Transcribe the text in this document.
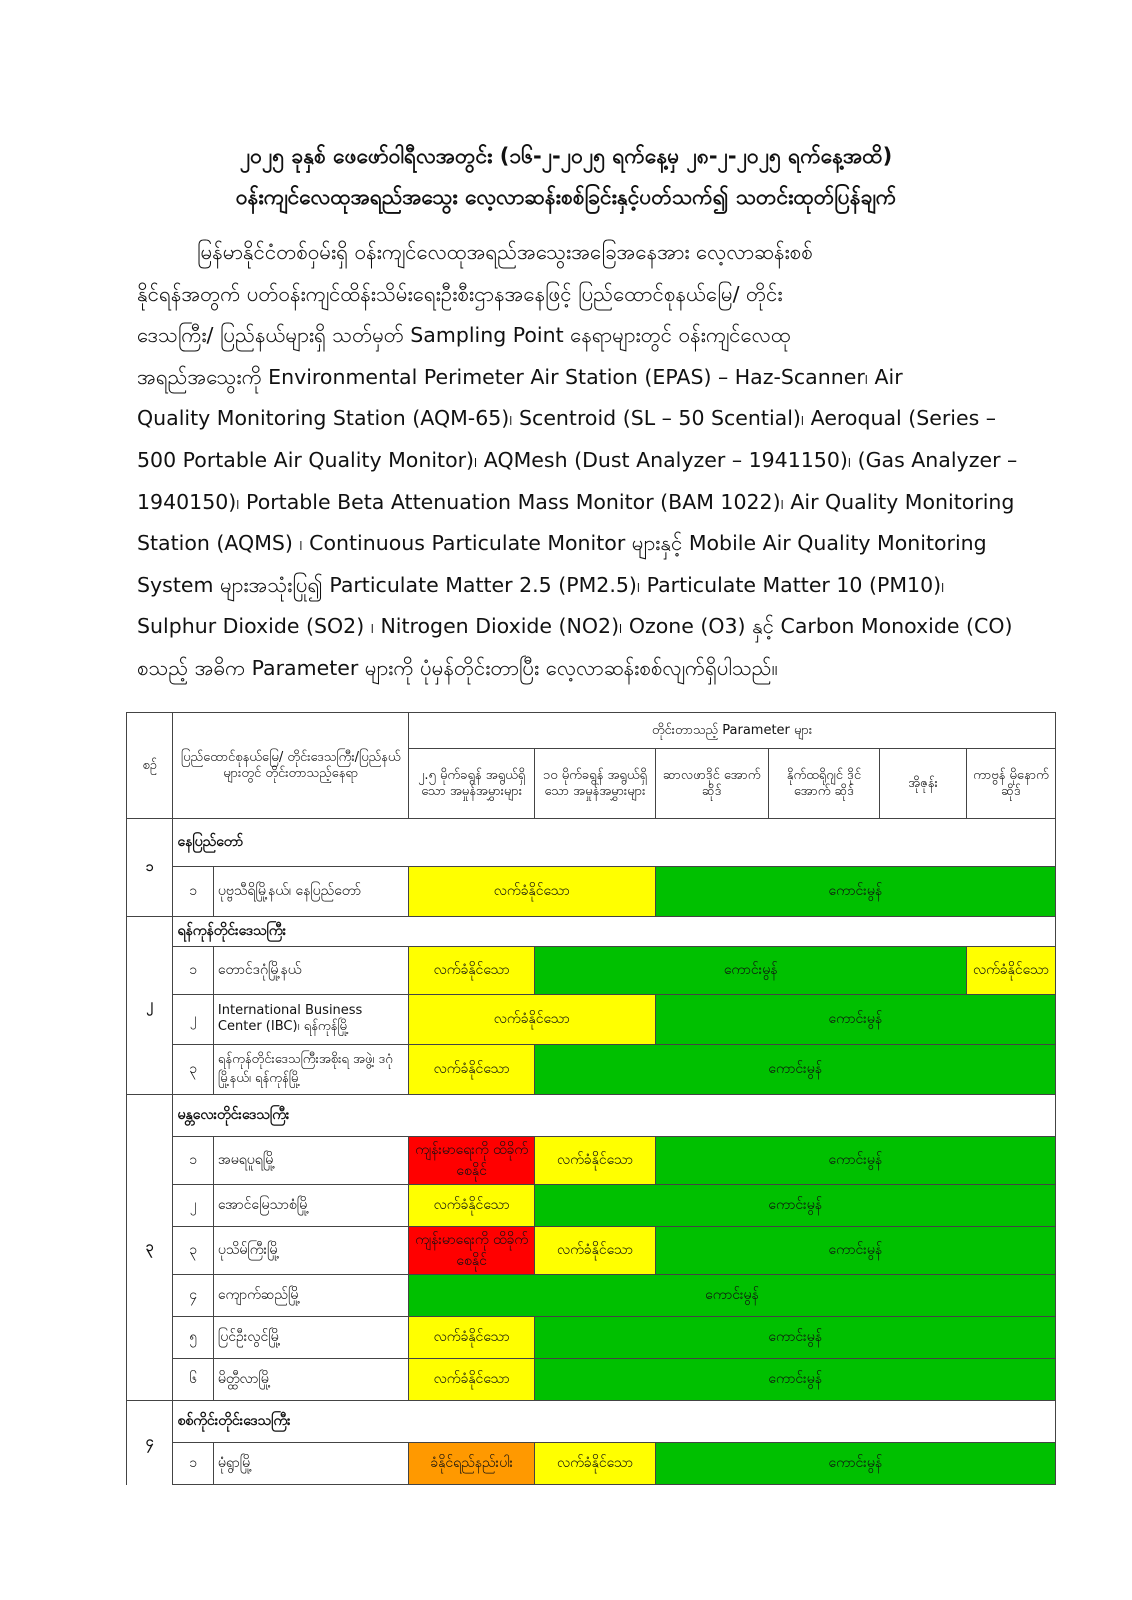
၂၀၂၅ ခုနှစ် ဖေဖော်ဝါရီလအတွင်း (၁၆-၂-၂၀၂၅ ရက်နေ့မှ ၂၈-၂-၂၀၂၅ ရက်နေ့အထိ)
ဝန်းကျင်လေထုအရည်အသွေး လေ့လာဆန်းစစ်ခြင်းနှင့်ပတ်သက်၍ သတင်းထုတ်ပြန်ချက်
မြန်မာနိုင်ငံတစ်ဝှမ်းရှိ ဝန်းကျင်လေထုအရည်အသွေးအခြေအနေအား လေ့လာဆန်းစစ်
နိုင်ရန်အတွက် ပတ်ဝန်းကျင်ထိန်းသိမ်းရေးဦးစီးဌာနအနေဖြင့် ပြည်ထောင်စုနယ်မြေ/ တိုင်း
ဒေသကြီး/ ပြည်နယ်များရှိ သတ်မှတ် Sampling Point နေရာများတွင် ဝန်းကျင်လေထု
အရည်အသွေးကို Environmental Perimeter Air Station (EPAS) – Haz-Scanner၊ Air
Quality Monitoring Station (AQM-65)၊ Scentroid (SL – 50 Scential)၊ Aeroqual (Series –
500 Portable Air Quality Monitor)၊ AQMesh (Dust Analyzer – 1941150)၊ (Gas Analyzer –
1940150)၊ Portable Beta Attenuation Mass Monitor (BAM 1022)၊ Air Quality Monitoring
Station (AQMS) ၊ Continuous Particulate Monitor များနှင့် Mobile Air Quality Monitoring
System များအသုံးပြု၍ Particulate Matter 2.5 (PM2.5)၊ Particulate Matter 10 (PM10)၊
Sulphur Dioxide (SO2) ၊ Nitrogen Dioxide (NO2)၊ Ozone (O3) နှင့် Carbon Monoxide (CO)
စသည့် အဓိက Parameter များကို ပုံမှန်တိုင်းတာပြီး လေ့လာဆန်းစစ်လျက်ရှိပါသည်။
စဉ်	ပြည်ထောင်စုနယ်မြေ/ တိုင်းဒေသကြီး/ပြည်နယ်များတွင် တိုင်းတာသည့်နေရာ		တိုင်းတာသည့် Parameter များ					
			၂.၅ မိုက်ခရွန် အရွယ်ရှိသော အမှုန်အမွှားများ	၁၀ မိုက်ခရွန် အရွယ်ရှိသော အမှုန်အမွှားများ	ဆာလဖာဒိုင် အောက်ဆိုဒ်	နိုက်ထရိုဂျင် ဒိုင်အောက် ဆိုဒ်	အိုဇုန်း	ကာဗွန် မိုနောက် ဆိုဒ်
၁	နေပြည်တော်							
	၁	ပုဗ္ဗသီရိမြို့နယ်၊ နေပြည်တော်	လက်ခံနိုင်သော		ကောင်းမွန်			
၂	ရန်ကုန်တိုင်းဒေသကြီး							
	၁	တောင်ဒဂုံမြို့နယ်	လက်ခံနိုင်သော	ကောင်းမွန်				လက်ခံနိုင်သော
	၂	International Business Center (IBC)၊ ရန်ကုန်မြို့	လက်ခံနိုင်သော		ကောင်းမွန်			
	၃	ရန်ကုန်တိုင်းဒေသကြီးအစိုးရ အဖွဲ့၊ ဒဂုံမြို့နယ်၊ ရန်ကုန်မြို့	လက်ခံနိုင်သော	ကောင်းမွန်				
၃	မန္တလေးတိုင်းဒေသကြီး							
	၁	အမရပူရမြို့	ကျန်းမာရေးကို ထိခိုက်စေနိုင်	လက်ခံနိုင်သော	ကောင်းမွန်			
	၂	အောင်မြေသာစံမြို့	လက်ခံနိုင်သော	ကောင်းမွန်				
	၃	ပုသိမ်ကြီးမြို့	ကျန်းမာရေးကို ထိခိုက်စေနိုင်	လက်ခံနိုင်သော	ကောင်းမွန်			
	၄	ကျောက်ဆည်မြို့	ကောင်းမွန်					
	၅	ပြင်ဦးလွင်မြို့	လက်ခံနိုင်သော	ကောင်းမွန်				
	၆	မိတ္ထီလာမြို့	လက်ခံနိုင်သော	ကောင်းမွန်				
၄	စစ်ကိုင်းတိုင်းဒေသကြီး							
	၁	မုံရွာမြို့	ခံနိုင်ရည်နည်းပါး	လက်ခံနိုင်သော	ကောင်းမွန်			
